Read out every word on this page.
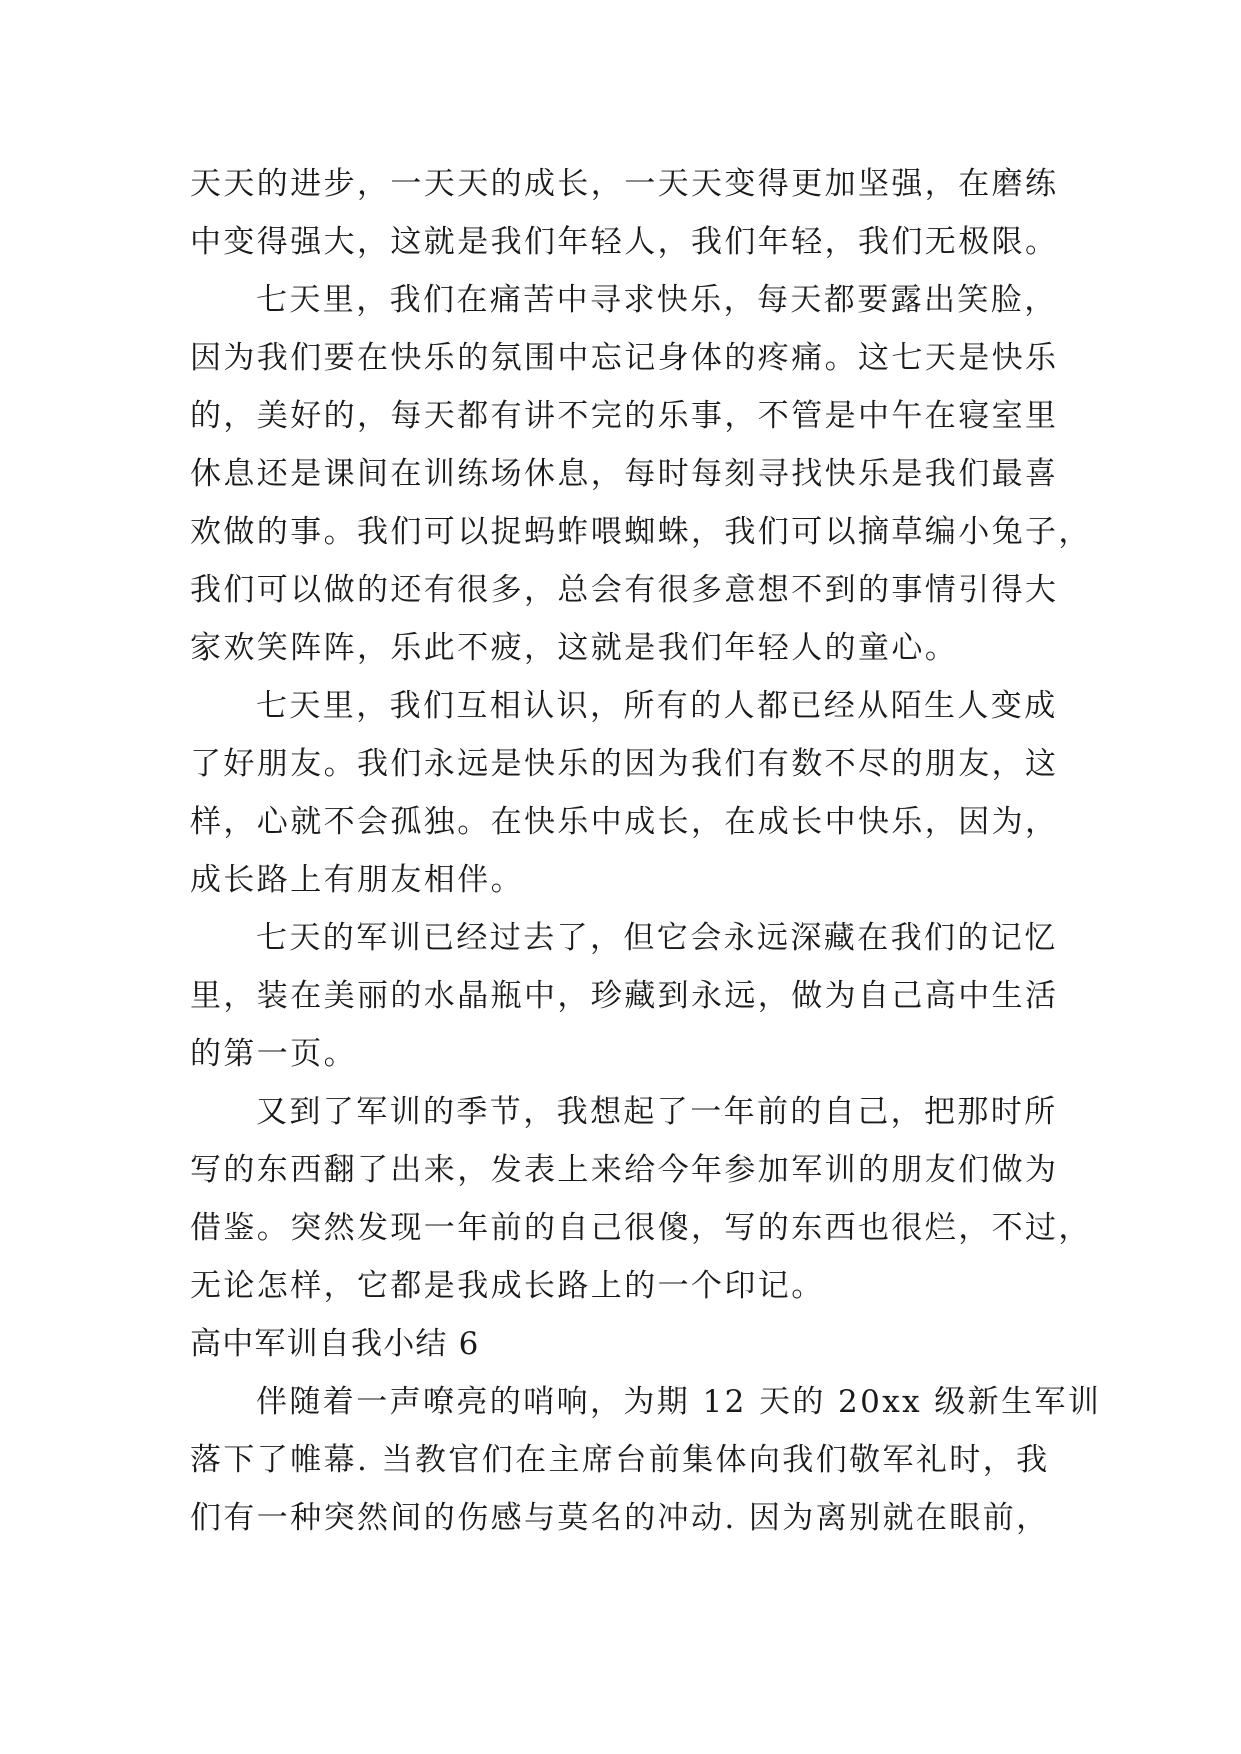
天天的进步，一天天的成长，一天天变得更加坚强，在磨练
中变得强大，这就是我们年轻人，我们年轻，我们无极限。
七天里，我们在痛苦中寻求快乐，每天都要露出笑脸，
因为我们要在快乐的氛围中忘记身体的疼痛。这七天是快乐
的，美好的，每天都有讲不完的乐事，不管是中午在寝室里
休息还是课间在训练场休息，每时每刻寻找快乐是我们最喜
欢做的事。我们可以捉蚂蚱喂蜘蛛，我们可以摘草编小兔子，
我们可以做的还有很多，总会有很多意想不到的事情引得大
家欢笑阵阵，乐此不疲，这就是我们年轻人的童心。
七天里，我们互相认识，所有的人都已经从陌生人变成
了好朋友。我们永远是快乐的因为我们有数不尽的朋友，这
样，心就不会孤独。在快乐中成长，在成长中快乐，因为，
成长路上有朋友相伴。
七天的军训已经过去了，但它会永远深藏在我们的记忆
里，装在美丽的水晶瓶中，珍藏到永远，做为自己高中生活
的第一页。
又到了军训的季节，我想起了一年前的自己，把那时所
写的东西翻了出来，发表上来给今年参加军训的朋友们做为
借鉴。突然发现一年前的自己很傻，写的东西也很烂，不过，
无论怎样，它都是我成长路上的一个印记。
高中军训自我小结 6
伴随着一声嘹亮的哨响，为期 12 天的 20xx 级新生军训
落下了帷幕. 当教官们在主席台前集体向我们敬军礼时，我
们有一种突然间的伤感与莫名的冲动. 因为离别就在眼前，
